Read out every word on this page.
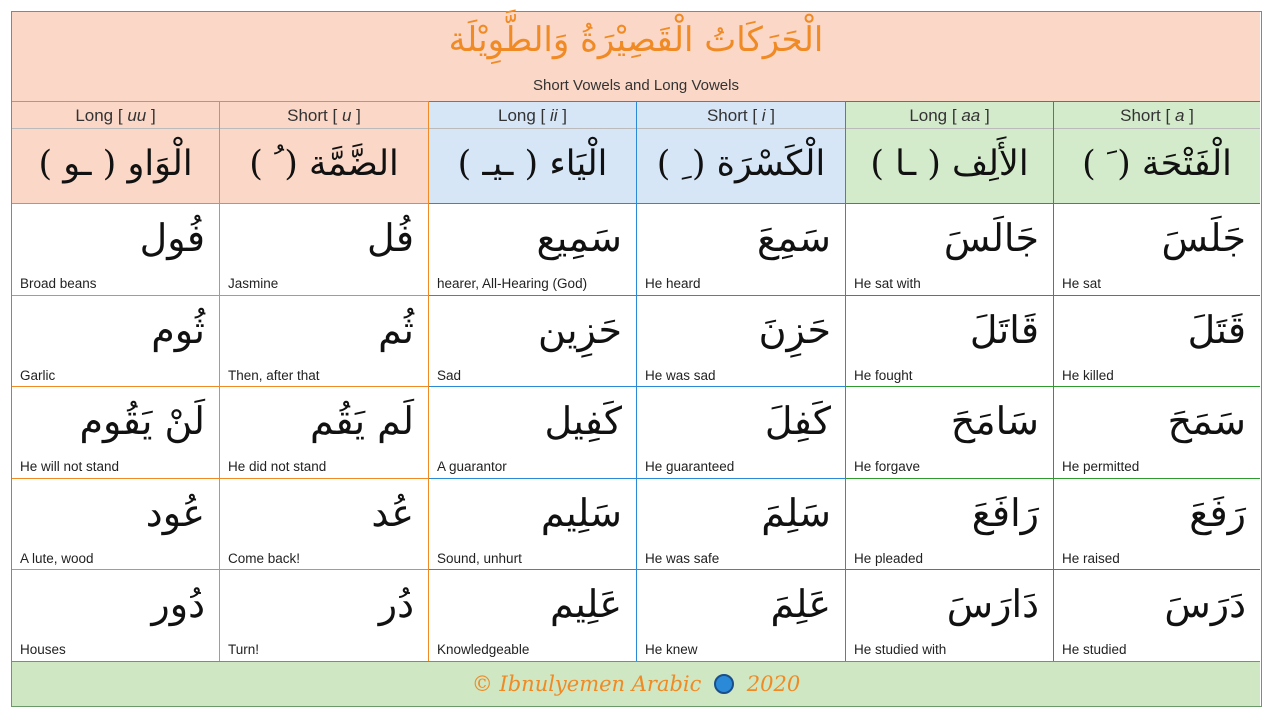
الْحَرَكَاتُ الْقَصِيْرَةُ وَالطَّوِيْلَة
Short Vowels and Long Vowels
Long [ uu ]
الْوَاو ( ـو )
فُول
Broad beans
ثُوم
Garlic
لَنْ يَقُوم
He will not stand
عُود
A lute, wood
دُور
Houses
Short [ u ]
الضَّمَّة ( ُ )
فُل
Jasmine
ثُم
Then, after that
لَم يَقُم
He did not stand
عُد
Come back!
دُر
Turn!
Long [ ii ]
الْيَاء ( ـيـ )
سَمِيع
hearer, All-Hearing (God)
حَزِين
Sad
كَفِيل
A guarantor
سَلِيم
Sound, unhurt
عَلِيم
Knowledgeable
Short [ i ]
الْكَسْرَة ( ِ )
سَمِعَ
He heard
حَزِنَ
He was sad
كَفِلَ
He guaranteed
سَلِمَ
He was safe
عَلِمَ
He knew
Long [ aa ]
الأَلِف ( ـا )
جَالَسَ
He sat with
قَاتَلَ
He fought
سَامَحَ
He forgave
رَافَعَ
He pleaded
دَارَسَ
He studied with
Short [ a ]
الْفَتْحَة ( َ )
جَلَسَ
He sat
قَتَلَ
He killed
سَمَحَ
He permitted
رَفَعَ
He raised
دَرَسَ
He studied
© Ibnulyemen Arabic 2020
